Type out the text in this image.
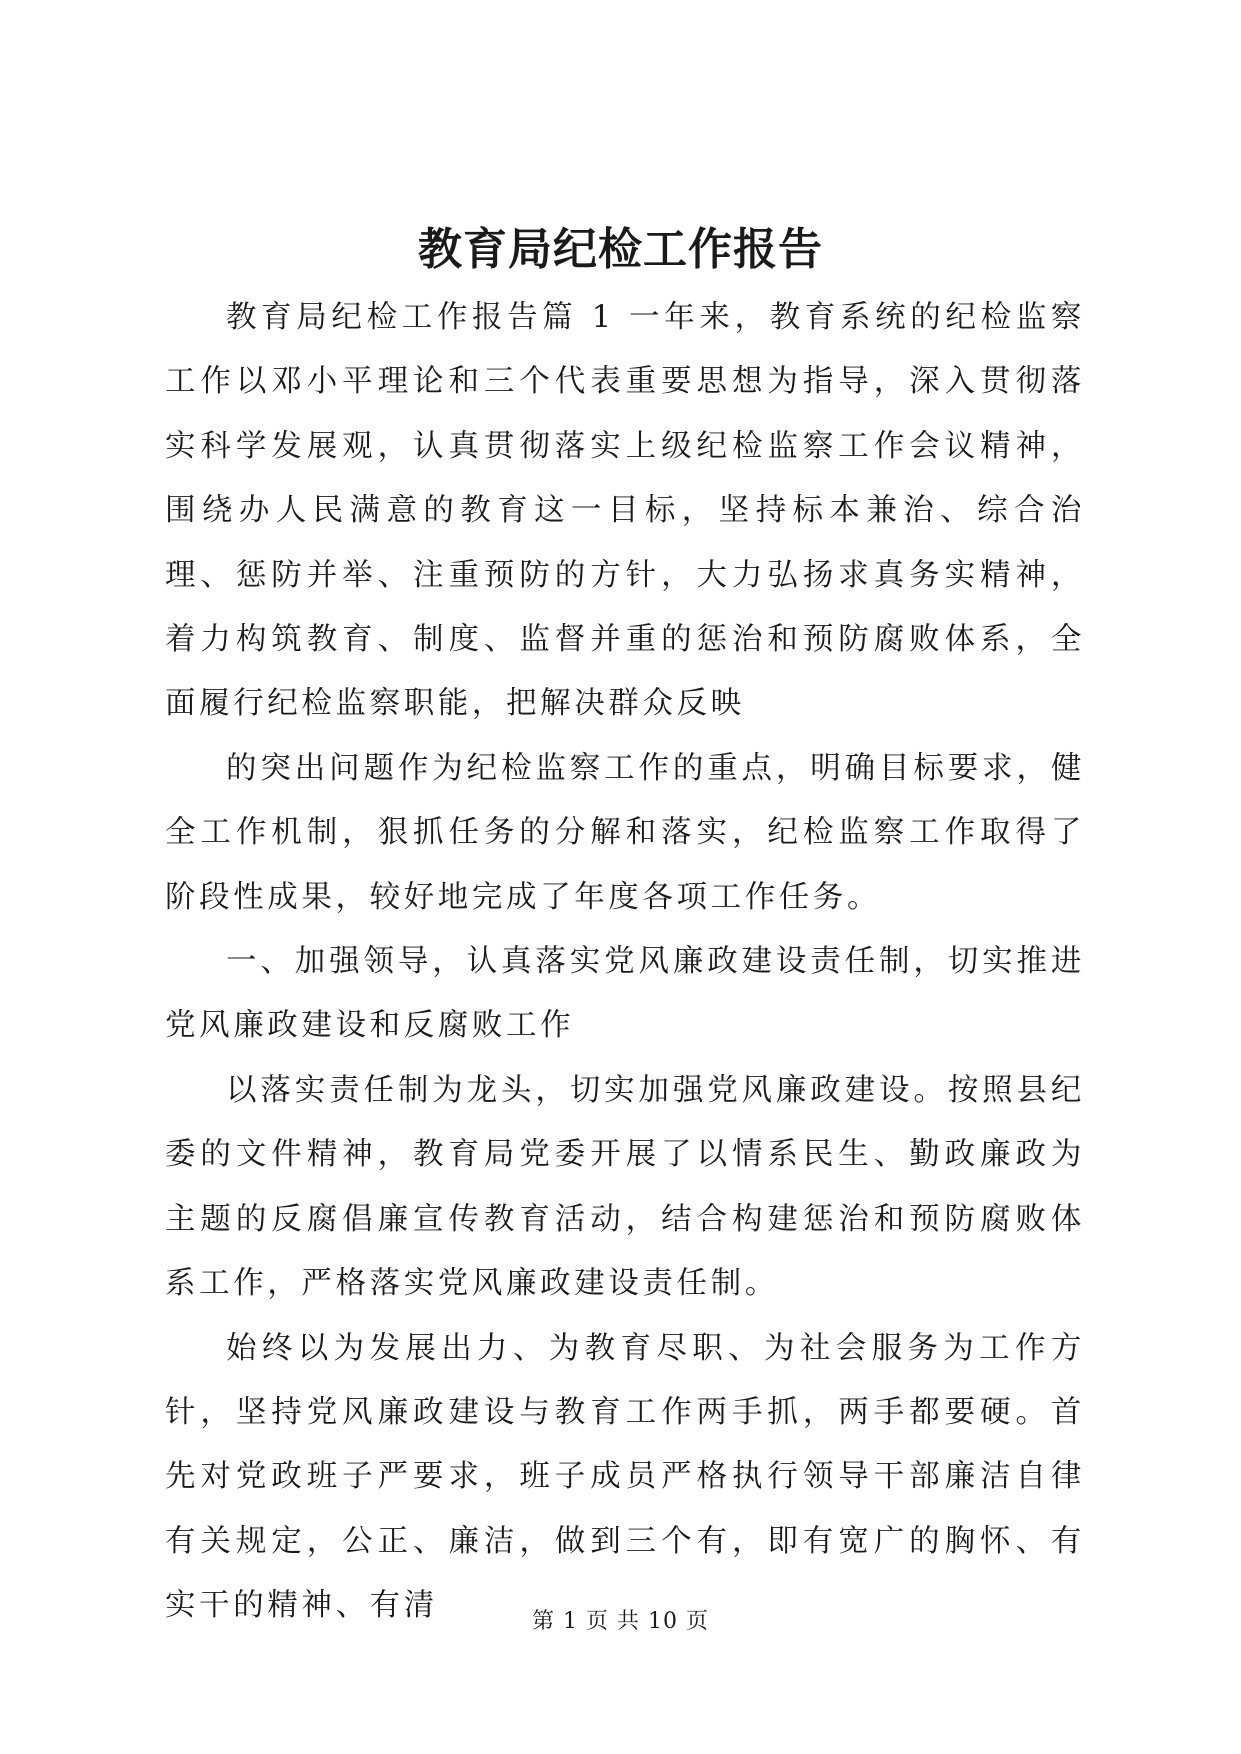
教育局纪检工作报告

教育局纪检工作报告篇 1 一年来，教育系统的纪检监察工作以邓小平理论和三个代表重要思想为指导，深入贯彻落实科学发展观，认真贯彻落实上级纪检监察工作会议精神，围绕办人民满意的教育这一目标，坚持标本兼治、综合治理、惩防并举、注重预防的方针，大力弘扬求真务实精神，着力构筑教育、制度、监督并重的惩治和预防腐败体系，全面履行纪检监察职能，把解决群众反映

的突出问题作为纪检监察工作的重点，明确目标要求，健全工作机制，狠抓任务的分解和落实，纪检监察工作取得了阶段性成果，较好地完成了年度各项工作任务。

一、加强领导，认真落实党风廉政建设责任制，切实推进党风廉政建设和反腐败工作

以落实责任制为龙头，切实加强党风廉政建设。按照县纪委的文件精神，教育局党委开展了以情系民生、勤政廉政为主题的反腐倡廉宣传教育活动，结合构建惩治和预防腐败体系工作，严格落实党风廉政建设责任制。

始终以为发展出力、为教育尽职、为社会服务为工作方针，坚持党风廉政建设与教育工作两手抓，两手都要硬。首先对党政班子严要求，班子成员严格执行领导干部廉洁自律有关规定，公正、廉洁，做到三个有，即有宽广的胸怀、有实干的精神、有清	第 1 页 共 10 页
